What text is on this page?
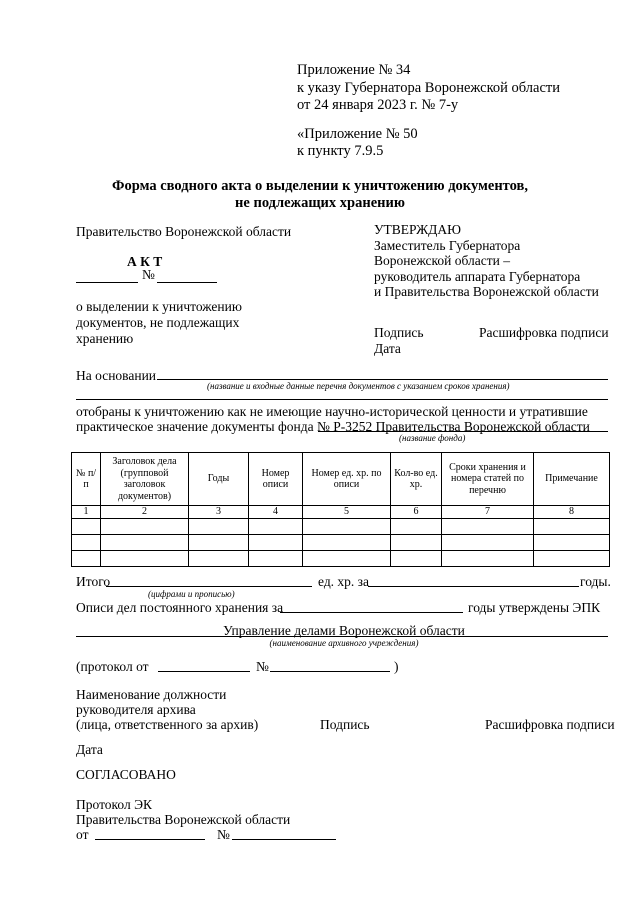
Приложение № 34
к указу Губернатора Воронежской области
от 24 января 2023 г. № 7-у
«Приложение № 50
к пункту 7.9.5
Форма сводного акта о выделении к уничтожению документов,
не подлежащих хранению
Правительство Воронежской области
А К Т
№
о выделении к уничтожению
документов, не подлежащих
хранению
УТВЕРЖДАЮ
Заместитель Губернатора
Воронежской области –
руководитель аппарата Губернатора
и Правительства Воронежской области
Подпись	Расшифровка подписи
Дата
На основании
(название и входные данные перечня документов с указанием сроков хранения)
отобраны к уничтожению как не имеющие научно-исторической ценности и утратившие
практическое значение документы фонда № Р-3252 Правительства Воронежской области
(название фонда)
№ п/п	Заголовок дела (групповой заголовок документов)	Годы	Номер описи	Номер ед. хр. по описи	Кол-во ед. хр.	Сроки хранения и номера статей по перечню	Примечание
1	2	3	4	5	6	7	8

Итого	ед. хр. за	годы.
(цифрами и прописью)
Описи дел постоянного хранения за	годы утверждены ЭПК
Управление делами Воронежской области
(наименование архивного учреждения)
(протокол от	№	)
Наименование должности
руководителя архива
(лица, ответственного за архив)	Подпись	Расшифровка подписи
Дата
СОГЛАСОВАНО
Протокол ЭК
Правительства Воронежской области
от	№
